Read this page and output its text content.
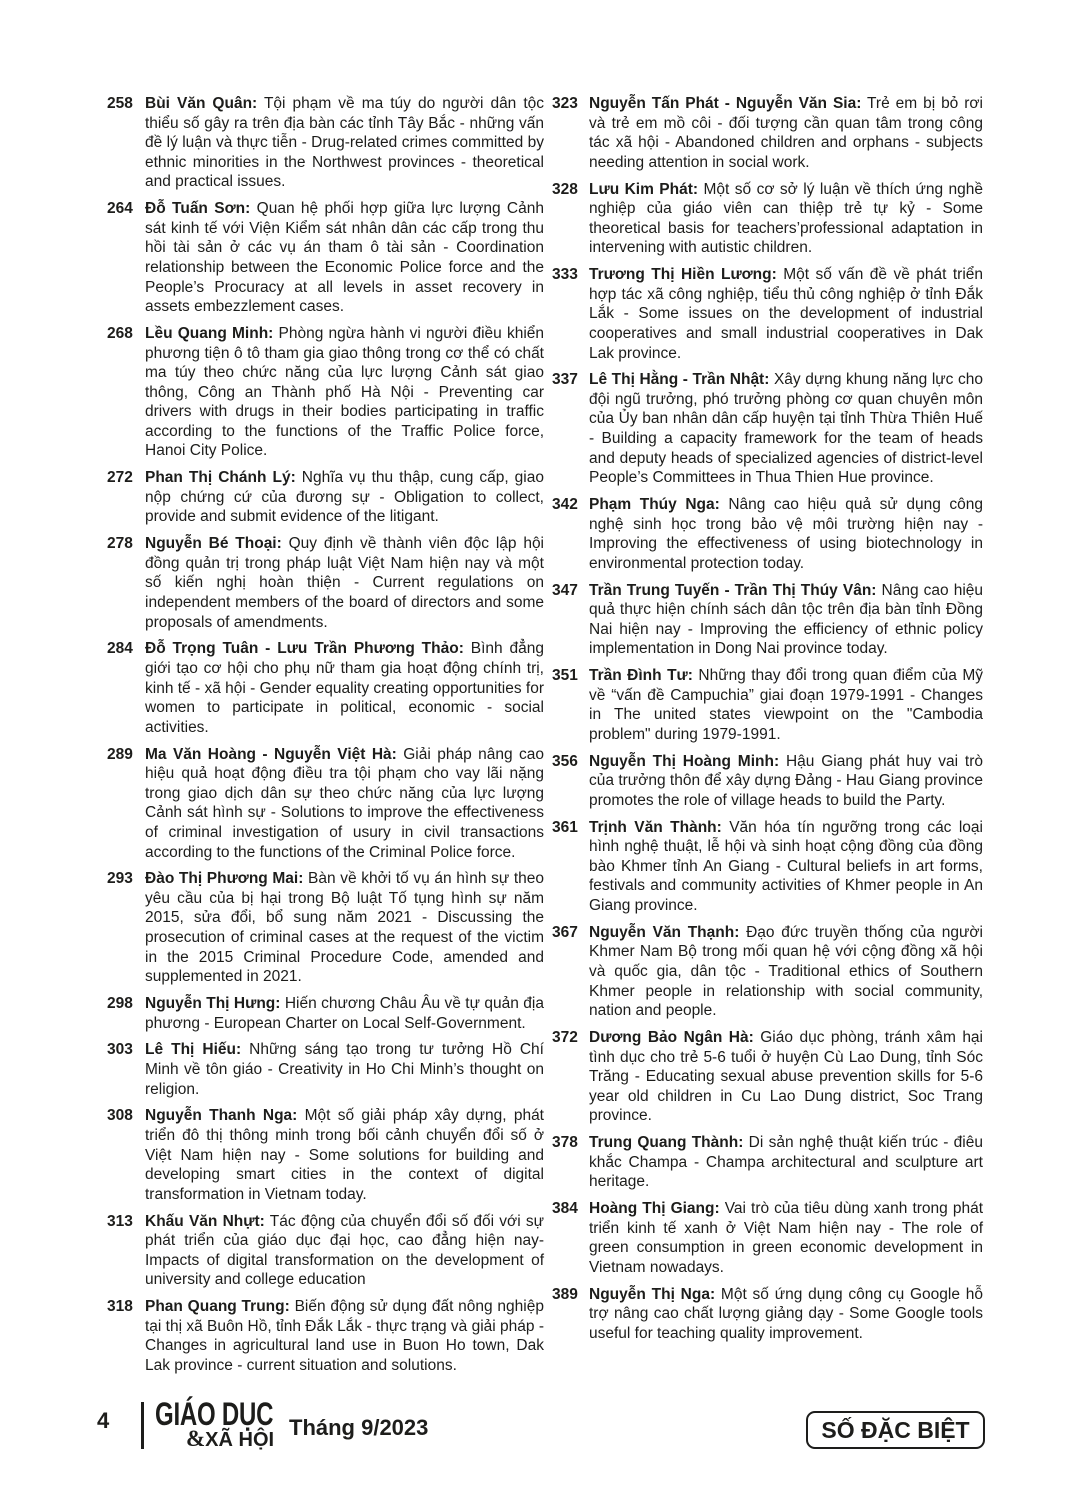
258 Bùi Văn Quân: Tội phạm về ma túy do người dân tộc thiểu số gây ra trên địa bàn các tỉnh Tây Bắc - những vấn đề lý luận và thực tiễn - Drug-related crimes committed by ethnic minorities in the Northwest provinces - theoretical and practical issues.

264 Đỗ Tuấn Sơn: Quan hệ phối hợp giữa lực lượng Cảnh sát kinh tế với Viện Kiểm sát nhân dân các cấp trong thu hồi tài sản ở các vụ án tham ô tài sản - Coordination relationship between the Economic Police force and the People’s Procuracy at all levels in asset recovery in assets embezzlement cases.

268 Lều Quang Minh: Phòng ngừa hành vi người điều khiển phương tiện ô tô tham gia giao thông trong cơ thể có chất ma túy theo chức năng của lực lượng Cảnh sát giao thông, Công an Thành phố Hà Nội - Preventing car drivers with drugs in their bodies participating in traffic according to the functions of the Traffic Police force, Hanoi City Police.

272 Phan Thị Chánh Lý: Nghĩa vụ thu thập, cung cấp, giao nộp chứng cứ của đương sự - Obligation to collect, provide and submit evidence of the litigant.

278 Nguyễn Bé Thoại: Quy định về thành viên độc lập hội đồng quản trị trong pháp luật Việt Nam hiện nay và một số kiến nghị hoàn thiện - Current regulations on independent members of the board of directors and some proposals of amendments.

284 Đỗ Trọng Tuân - Lưu Trần Phương Thảo: Bình đẳng giới tạo cơ hội cho phụ nữ tham gia hoạt động chính trị, kinh tế - xã hội - Gender equality creating opportunities for women to participate in political, economic - social activities.

289 Ma Văn Hoàng - Nguyễn Việt Hà: Giải pháp nâng cao hiệu quả hoạt động điều tra tội phạm cho vay lãi nặng trong giao dịch dân sự theo chức năng của lực lượng Cảnh sát hình sự - Solutions to improve the effectiveness of criminal investigation of usury in civil transactions according to the functions of the Criminal Police force.

293 Đào Thị Phương Mai: Bàn về khởi tố vụ án hình sự theo yêu cầu của bị hại trong Bộ luật Tố tụng hình sự năm 2015, sửa đổi, bổ sung năm 2021 - Discussing the prosecution of criminal cases at the request of the victim in the 2015 Criminal Procedure Code, amended and supplemented in 2021.

298 Nguyễn Thị Hưng: Hiến chương Châu Âu về tự quản địa phương - European Charter on Local Self-Government.

303 Lê Thị Hiếu: Những sáng tạo trong tư tưởng Hồ Chí Minh về tôn giáo - Creativity in Ho Chi Minh’s thought on religion.

308 Nguyễn Thanh Nga: Một số giải pháp xây dựng, phát triển đô thị thông minh trong bối cảnh chuyển đổi số ở Việt Nam hiện nay - Some solutions for building and developing smart cities in the context of digital transformation in Vietnam today.

313 Khấu Văn Nhựt: Tác động của chuyển đổi số đối với sự phát triển của giáo dục đại học, cao đẳng hiện nay- Impacts of digital transformation on the development of university and college education

318 Phan Quang Trung: Biến động sử dụng đất nông nghiệp tại thị xã Buôn Hồ, tỉnh Đắk Lắk - thực trạng và giải pháp - Changes in agricultural land use in Buon Ho town, Dak Lak province - current situation and solutions.

323 Nguyễn Tấn Phát - Nguyễn Văn Sia: Trẻ em bị bỏ rơi và trẻ em mồ côi - đối tượng cần quan tâm trong công tác xã hội - Abandoned children and orphans - subjects needing attention in social work.

328 Lưu Kim Phát: Một số cơ sở lý luận về thích ứng nghề nghiệp của giáo viên can thiệp trẻ tự kỷ - Some theoretical basis for teachers’professional adaptation in intervening with autistic children.

333 Trương Thị Hiền Lương: Một số vấn đề về phát triển hợp tác xã công nghiệp, tiểu thủ công nghiệp ở tỉnh Đắk Lắk - Some issues on the development of industrial cooperatives and small industrial cooperatives in Dak Lak province.

337 Lê Thị Hằng - Trần Nhật: Xây dựng khung năng lực cho đội ngũ trưởng, phó trưởng phòng cơ quan chuyên môn của Ủy ban nhân dân cấp huyện tại tỉnh Thừa Thiên Huế - Building a capacity framework for the team of heads and deputy heads of specialized agencies of district-level People’s Committees in Thua Thien Hue province.

342 Phạm Thúy Nga: Nâng cao hiệu quả sử dụng công nghệ sinh học trong bảo vệ môi trường hiện nay - Improving the effectiveness of using biotechnology in environmental protection today.

347 Trần Trung Tuyến - Trần Thị Thúy Vân: Nâng cao hiệu quả thực hiện chính sách dân tộc trên địa bàn tỉnh Đồng Nai hiện nay - Improving the efficiency of ethnic policy implementation in Dong Nai province today.

351 Trần Đình Tư: Những thay đổi trong quan điểm của Mỹ về “vấn đề Campuchia” giai đoạn 1979-1991 - Changes in The united states viewpoint on the "Cambodia problem" during 1979-1991.

356 Nguyễn Thị Hoàng Minh: Hậu Giang phát huy vai trò của trưởng thôn để xây dựng Đảng - Hau Giang province promotes the role of village heads to build the Party.

361 Trịnh Văn Thành: Văn hóa tín ngưỡng trong các loại hình nghệ thuật, lễ hội và sinh hoạt cộng đồng của đồng bào Khmer tỉnh An Giang - Cultural beliefs in art forms, festivals and community activities of Khmer people in An Giang province.

367 Nguyễn Văn Thạnh: Đạo đức truyền thống của người Khmer Nam Bộ trong mối quan hệ với cộng đồng xã hội và quốc gia, dân tộc - Traditional ethics of Southern Khmer people in relationship with social community, nation and people.

372 Dương Bảo Ngân Hà: Giáo dục phòng, tránh xâm hại tình dục cho trẻ 5-6 tuổi ở huyện Cù Lao Dung, tỉnh Sóc Trăng - Educating sexual abuse prevention skills for 5-6 year old children in Cu Lao Dung district, Soc Trang province.

378 Trung Quang Thành: Di sản nghệ thuật kiến trúc - điêu khắc Champa - Champa architectural and sculpture art heritage.

384 Hoàng Thị Giang: Vai trò của tiêu dùng xanh trong phát triển kinh tế xanh ở Việt Nam hiện nay - The role of green consumption in green economic development in Vietnam nowadays.

389 Nguyễn Thị Nga: Một số ứng dụng công cụ Google hỗ trợ nâng cao chất lượng giảng dạy - Some Google tools useful for teaching quality improvement.

4 GIÁO DỤC
&XÃ HỘI Tháng 9/2023	SỐ ĐẶC BIỆT
